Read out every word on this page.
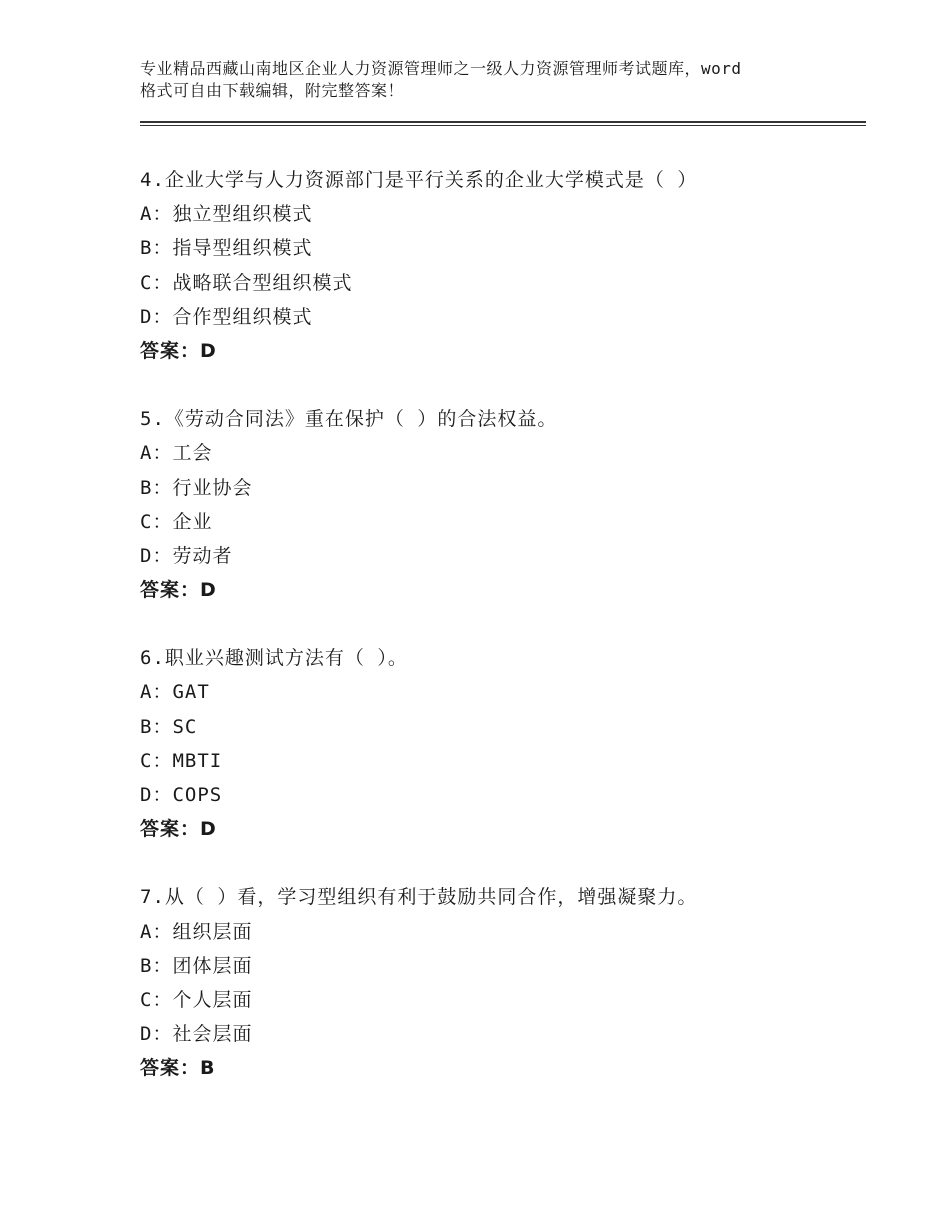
专业精品西藏山南地区企业人力资源管理师之一级人力资源管理师考试题库，word
格式可自由下载编辑，附完整答案！
4.企业大学与人力资源部门是平行关系的企业大学模式是（ ）
A：独立型组织模式
B：指导型组织模式
C：战略联合型组织模式
D：合作型组织模式
答案：D
5.《劳动合同法》重在保护（ ）的合法权益。
A：工会
B：行业协会
C：企业
D：劳动者
答案：D
6.职业兴趣测试方法有（ ）。
A：GAT
B：SC
C：MBTI
D：COPS
答案：D
7.从（ ）看，学习型组织有利于鼓励共同合作，增强凝聚力。
A：组织层面
B：团体层面
C：个人层面
D：社会层面
答案：B
